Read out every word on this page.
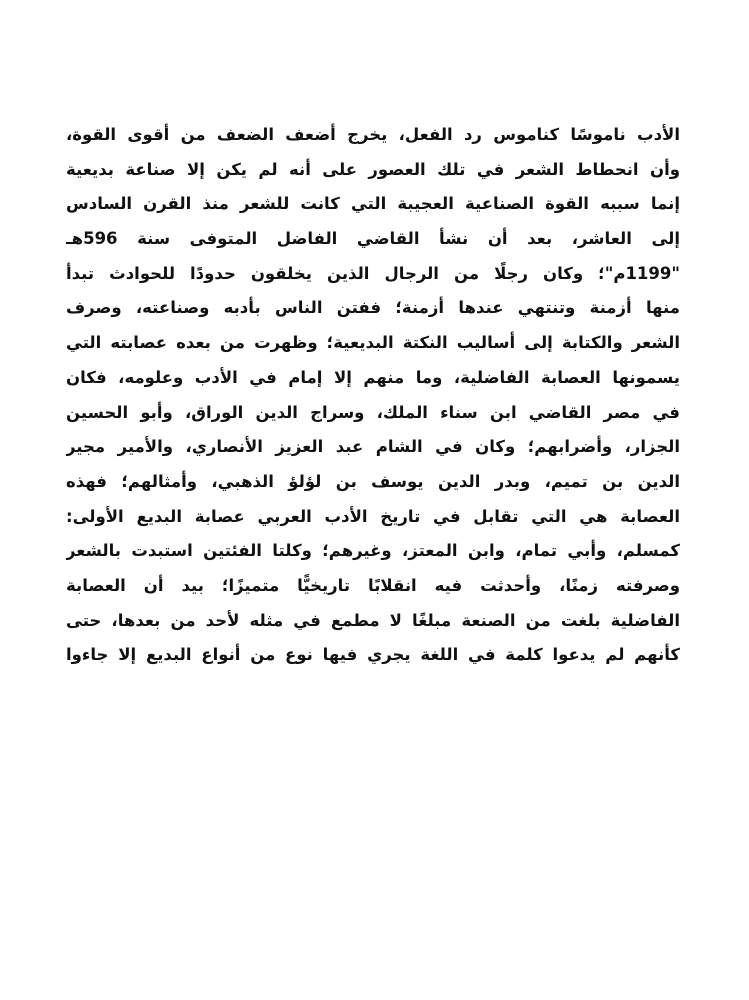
الأدب ناموسًا كناموس رد الفعل، يخرج أضعف الضعف من أقوى القوة،
وأن انحطاط الشعر في تلك العصور على أنه لم يكن إلا صناعة بديعية
إنما سببه القوة الصناعية العجيبة التي كانت للشعر منذ القرن السادس
إلى العاشر، بعد أن نشأ القاضي الفاضل المتوفى سنة 596هـ
"1199م"؛ وكان رجلًا من الرجال الذين يخلقون حدودًا للحوادث تبدأ
منها أزمنة وتنتهي عندها أزمنة؛ ففتن الناس بأدبه وصناعته، وصرف
الشعر والكتابة إلى أساليب النكتة البديعية؛ وظهرت من بعده عصابته التي
يسمونها العصابة الفاضلية، وما منهم إلا إمام في الأدب وعلومه، فكان
في مصر القاضي ابن سناء الملك، وسراج الدين الوراق، وأبو الحسين
الجزار، وأضرابهم؛ وكان في الشام عبد العزيز الأنصاري، والأمير مجير
الدين بن تميم، وبدر الدين يوسف بن لؤلؤ الذهبي، وأمثالهم؛ فهذه
العصابة هي التي تقابل في تاريخ الأدب العربي عصابة البديع الأولى:
كمسلم، وأبي تمام، وابن المعتز، وغيرهم؛ وكلتا الفئتين استبدت بالشعر
وصرفته زمنًا، وأحدثت فيه انقلابًا تاريخيًّا متميزًا؛ بيد أن العصابة
الفاضلية بلغت من الصنعة مبلغًا لا مطمع في مثله لأحد من بعدها، حتى
كأنهم لم يدعوا كلمة في اللغة يجري فيها نوع من أنواع البديع إلا جاءوا
